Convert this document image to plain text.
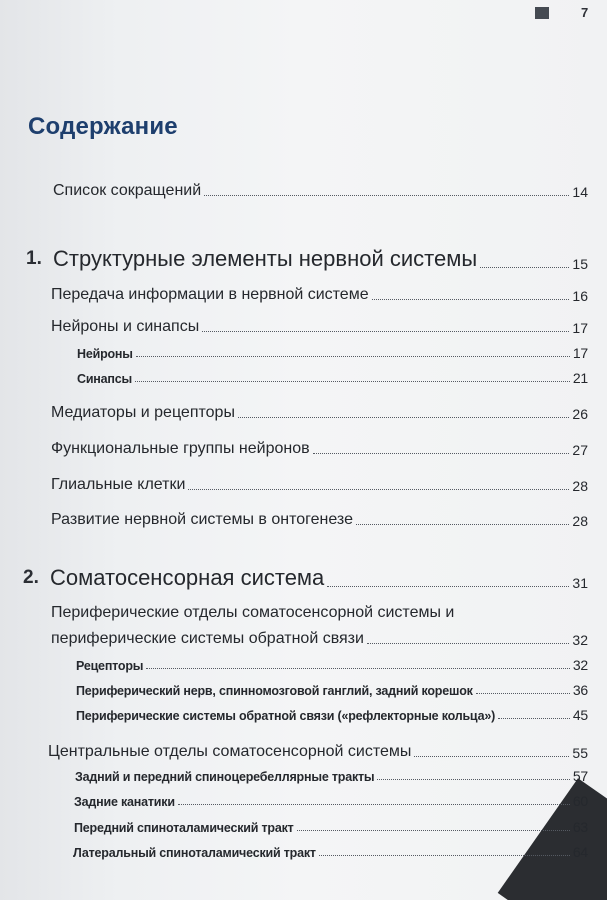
7
Содержание
Список сокращений	14
1. Структурные элементы нервной системы	15
Передача информации в нервной системе	16
Нейроны и синапсы	17
Нейроны	17
Синапсы	21
Медиаторы и рецепторы	26
Функциональные группы нейронов	27
Глиальные клетки	28
Развитие нервной системы в онтогенезе	28
2. Соматосенсорная система	31
Периферические отделы соматосенсорной системы и
периферические системы обратной связи	32
Рецепторы	32
Периферический нерв, спинномозговой ганглий, задний корешок	36
Периферические системы обратной связи («рефлекторные кольца»)	45
Центральные отделы соматосенсорной системы	55
Задний и передний спиноцеребеллярные тракты	57
Задние канатики	60
Передний спиноталамический тракт	63
Латеральный спиноталамический тракт	64
